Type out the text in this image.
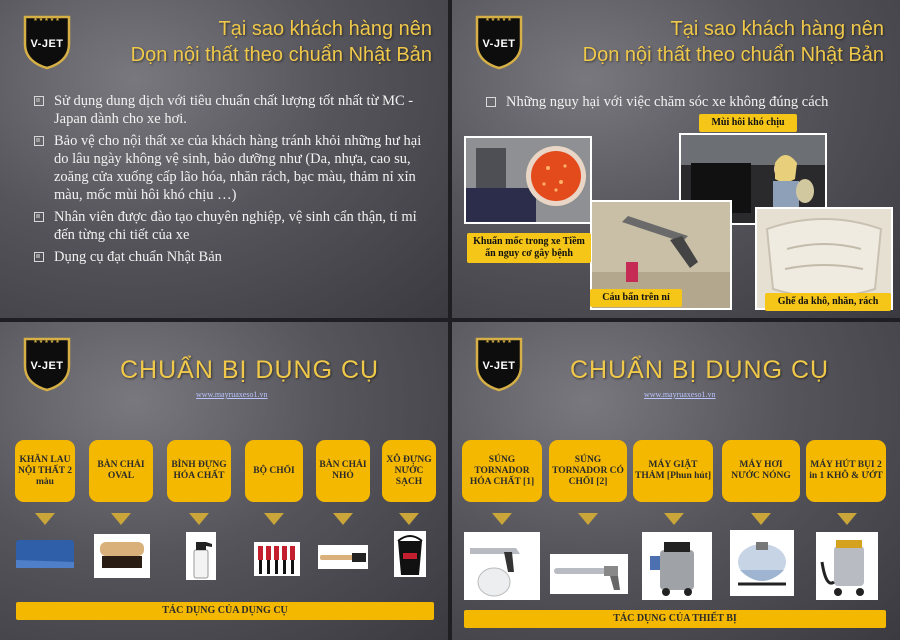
★★★★★
V-JET
Tại sao khách hàng nên
Dọn nội thất theo chuẩn Nhật Bản
Sử dụng dung dịch với tiêu chuẩn chất lượng tốt nhất từ MC - Japan dành cho xe hơi.
Bảo vệ cho nội thất xe của khách hàng tránh khỏi những hư hại do lâu ngày không vệ sinh, bảo dưỡng như (Da, nhựa, cao su, zoăng cửa xuống cấp lão hóa, nhăn rách, bạc màu, thảm nỉ xỉn màu, mốc mùi hôi khó chịu …)
Nhân viên được đào tạo chuyên nghiệp, vệ sinh cẩn thận, tỉ mỉ đến từng chi tiết của xe
Dụng cụ đạt chuẩn Nhật Bản
★★★★★
V-JET
Tại sao khách hàng nên
Dọn nội thất theo chuẩn Nhật Bản
Những nguy hại với việc chăm sóc xe không đúng cách
Mùi hôi khó chịu
Khuẩn mốc trong xe Tiềm ẩn nguy cơ gây bệnh
Cáu bẩn trên nỉ	Ghế da khô, nhăn, rách
★★★★★
V-JET	CHUẨN BỊ DỤNG CỤ
www.mayruaxeso1.vn
KHĂN LAU NỘI THẤT 2 màu
BÀN CHẢI OVAL
BÌNH ĐỰNG HÓA CHẤT
BỘ CHỔI
BÀN CHẢI NHỎ
XÔ ĐỰNG NƯỚC SẠCH
TÁC DỤNG CỦA DỤNG CỤ
★★★★★
V-JET	CHUẨN BỊ DỤNG CỤ
www.mayruaxeso1.vn
SÚNG TORNADOR HÓA CHẤT [1]
SÚNG TORNADOR CÓ CHỔI [2]
MÁY GIẶT THẢM [Phun hút]
MÁY HƠI NƯỚC NÓNG
MÁY HÚT BỤI 2 in 1 KHÔ & ƯỚT
TÁC DỤNG CỦA THIẾT BỊ
